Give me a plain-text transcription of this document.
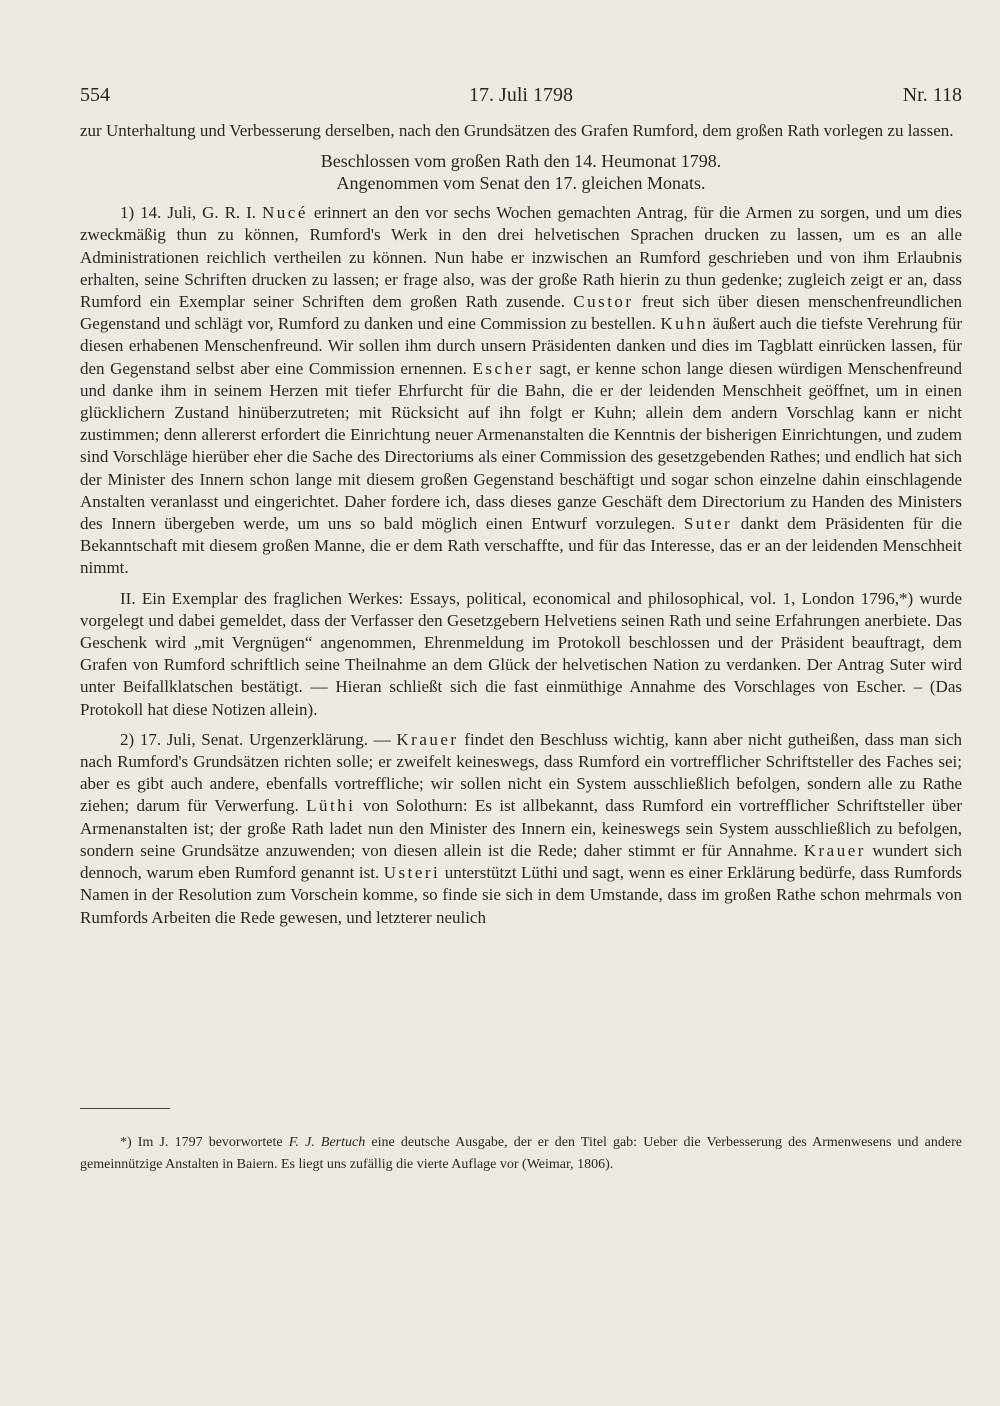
554	17. Juli 1798	Nr. 118

zur Unterhaltung und Verbesserung derselben, nach den Grundsätzen des Grafen Rumford, dem großen Rath vorlegen zu lassen.

Beschlossen vom großen Rath den 14. Heumonat 1798.
Angenommen vom Senat den 17. gleichen Monats.

1) 14. Juli, G. R. I. Nucé erinnert an den vor sechs Wochen gemachten Antrag, für die Armen zu sorgen, und um dies zweckmäßig thun zu können, Rumford's Werk in den drei helvetischen Sprachen drucken zu lassen, um es an alle Administrationen reichlich vertheilen zu können. Nun habe er inzwischen an Rumford geschrieben und von ihm Erlaubnis erhalten, seine Schriften drucken zu lassen; er frage also, was der große Rath hierin zu thun gedenke; zugleich zeigt er an, dass Rumford ein Exemplar seiner Schriften dem großen Rath zusende. Custor freut sich über diesen menschenfreundlichen Gegenstand und schlägt vor, Rumford zu danken und eine Commission zu bestellen. Kuhn äußert auch die tiefste Verehrung für diesen erhabenen Menschenfreund. Wir sollen ihm durch unsern Präsidenten danken und dies im Tagblatt einrücken lassen, für den Gegenstand selbst aber eine Commission ernennen. Escher sagt, er kenne schon lange diesen würdigen Menschenfreund und danke ihm in seinem Herzen mit tiefer Ehrfurcht für die Bahn, die er der leidenden Menschheit geöffnet, um in einen glücklichern Zustand hinüberzutreten; mit Rücksicht auf ihn folgt er Kuhn; allein dem andern Vorschlag kann er nicht zustimmen; denn allererst erfordert die Einrichtung neuer Armenanstalten die Kenntnis der bisherigen Einrichtungen, und zudem sind Vorschläge hierüber eher die Sache des Directoriums als einer Commission des gesetzgebenden Rathes; und endlich hat sich der Minister des Innern schon lange mit diesem großen Gegenstand beschäftigt und sogar schon einzelne dahin einschlagende Anstalten veranlasst und eingerichtet. Daher fordere ich, dass dieses ganze Geschäft dem Directorium zu Handen des Ministers des Innern übergeben werde, um uns so bald möglich einen Entwurf vorzulegen. Suter dankt dem Präsidenten für die Bekanntschaft mit diesem großen Manne, die er dem Rath verschaffte, und für das Interesse, das er an der leidenden Menschheit nimmt.

II. Ein Exemplar des fraglichen Werkes: Essays, political, economical and philosophical, vol. 1, London 1796,*) wurde vorgelegt und dabei gemeldet, dass der Verfasser den Gesetzgebern Helvetiens seinen Rath und seine Erfahrungen anerbiete. Das Geschenk wird „mit Vergnügen“ angenommen, Ehrenmeldung im Protokoll beschlossen und der Präsident beauftragt, dem Grafen von Rumford schriftlich seine Theilnahme an dem Glück der helvetischen Nation zu verdanken. Der Antrag Suter wird unter Beifallklatschen bestätigt. — Hieran schließt sich die fast einmüthige Annahme des Vorschlages von Escher. – (Das Protokoll hat diese Notizen allein).

2) 17. Juli, Senat. Urgenzerklärung. — Krauer findet den Beschluss wichtig, kann aber nicht gutheißen, dass man sich nach Rumford's Grundsätzen richten solle; er zweifelt keineswegs, dass Rumford ein vortrefflicher Schriftsteller des Faches sei; aber es gibt auch andere, ebenfalls vortreffliche; wir sollen nicht ein System ausschließlich befolgen, sondern alle zu Rathe ziehen; darum für Verwerfung. Lüthi von Solothurn: Es ist allbekannt, dass Rumford ein vortrefflicher Schriftsteller über Armenanstalten ist; der große Rath ladet nun den Minister des Innern ein, keineswegs sein System ausschließlich zu befolgen, sondern seine Grundsätze anzuwenden; von diesen allein ist die Rede; daher stimmt er für Annahme. Krauer wundert sich dennoch, warum eben Rumford genannt ist. Usteri unterstützt Lüthi und sagt, wenn es einer Erklärung bedürfe, dass Rumfords Namen in der Resolution zum Vorschein komme, so finde sie sich in dem Umstande, dass im großen Rathe schon mehrmals von Rumfords Arbeiten die Rede gewesen, und letzterer neulich

*) Im J. 1797 bevorwortete F. J. Bertuch eine deutsche Ausgabe, der er den Titel gab: Ueber die Verbesserung des Armenwesens und andere gemeinnützige Anstalten in Baiern. Es liegt uns zufällig die vierte Auflage vor (Weimar, 1806).
